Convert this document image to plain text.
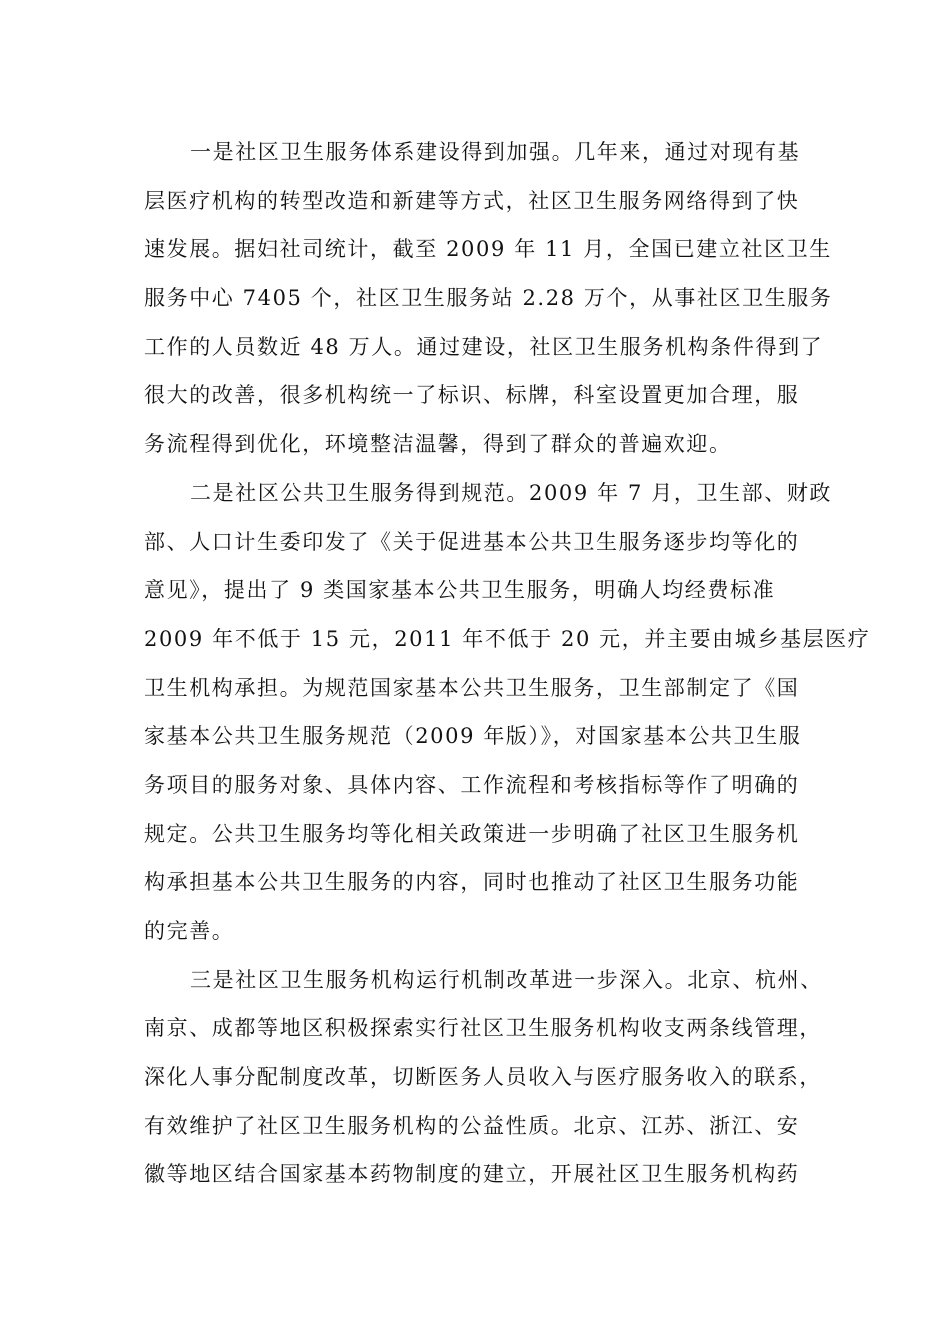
一是社区卫生服务体系建设得到加强。几年来，通过对现有基
层医疗机构的转型改造和新建等方式，社区卫生服务网络得到了快
速发展。据妇社司统计，截至 2009 年 11 月，全国已建立社区卫生
服务中心 7405 个，社区卫生服务站 2.28 万个，从事社区卫生服务
工作的人员数近 48 万人。通过建设，社区卫生服务机构条件得到了
很大的改善，很多机构统一了标识、标牌，科室设置更加合理，服
务流程得到优化，环境整洁温馨，得到了群众的普遍欢迎。
二是社区公共卫生服务得到规范。2009 年 7 月，卫生部、财政
部、人口计生委印发了《关于促进基本公共卫生服务逐步均等化的
意见》，提出了 9 类国家基本公共卫生服务，明确人均经费标准
2009 年不低于 15 元，2011 年不低于 20 元，并主要由城乡基层医疗
卫生机构承担。为规范国家基本公共卫生服务，卫生部制定了《国
家基本公共卫生服务规范（2009 年版）》，对国家基本公共卫生服
务项目的服务对象、具体内容、工作流程和考核指标等作了明确的
规定。公共卫生服务均等化相关政策进一步明确了社区卫生服务机
构承担基本公共卫生服务的内容，同时也推动了社区卫生服务功能
的完善。
三是社区卫生服务机构运行机制改革进一步深入。北京、杭州、
南京、成都等地区积极探索实行社区卫生服务机构收支两条线管理，
深化人事分配制度改革，切断医务人员收入与医疗服务收入的联系，
有效维护了社区卫生服务机构的公益性质。北京、江苏、浙江、安
徽等地区结合国家基本药物制度的建立，开展社区卫生服务机构药
